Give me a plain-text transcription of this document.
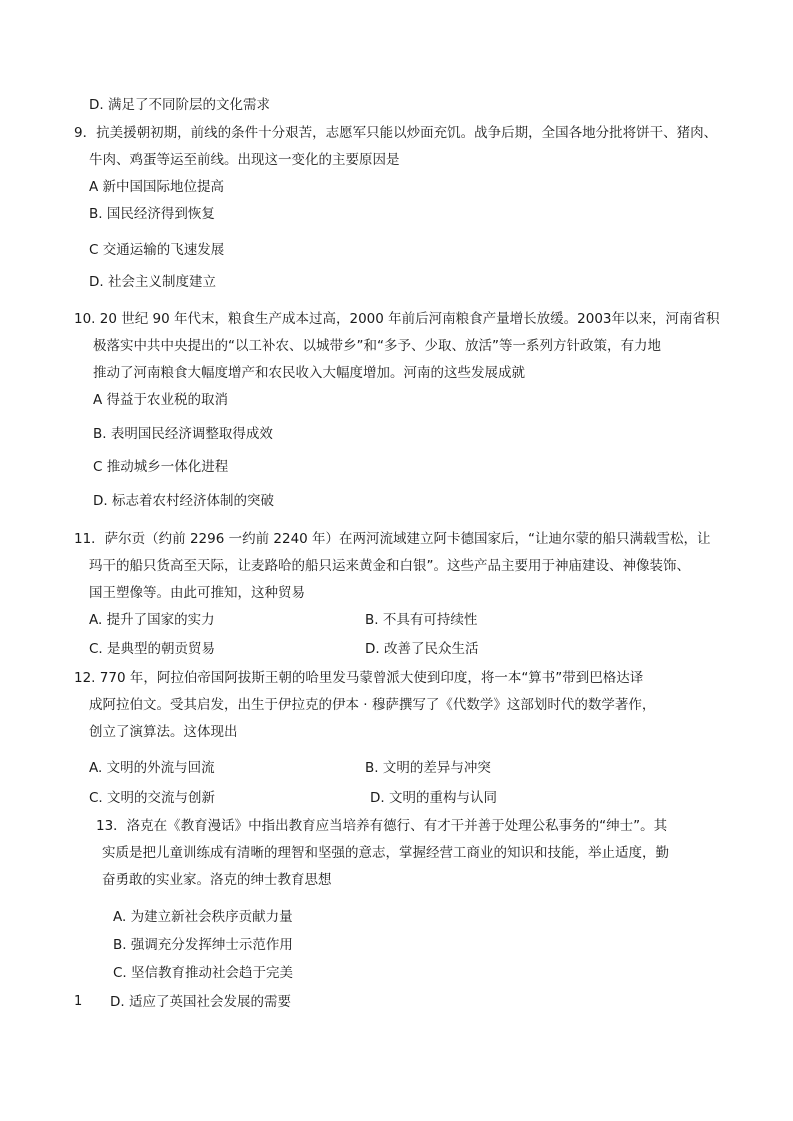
D. 满足了不同阶层的文化需求
9．抗美援朝初期，前线的条件十分艰苦，志愿军只能以炒面充饥。战争后期，全国各地分批将饼干、猪肉、
牛肉、鸡蛋等运至前线。出现这一变化的主要原因是
A 新中国国际地位提高
B. 国民经济得到恢复
C 交通运输的飞速发展
D. 社会主义制度建立
10. 20 世纪 90 年代末，粮食生产成本过高，2000 年前后河南粮食产量增长放缓。2003年以来，河南省积
极落实中共中央提出的“以工补农、以城带乡”和“多予、少取、放活”等一系列方针政策，有力地
推动了河南粮食大幅度增产和农民收入大幅度增加。河南的这些发展成就
A 得益于农业税的取消
B. 表明国民经济调整取得成效
C 推动城乡一体化进程
D. 标志着农村经济体制的突破
11．萨尔贡（约前 2296 一约前 2240 年）在两河流域建立阿卡德国家后，“让迪尔蒙的船只满载雪松，让
玛干的船只货高至天际，让麦路哈的船只运来黄金和白银”。这些产品主要用于神庙建设、神像装饰、
国王塑像等。由此可推知，这种贸易
A. 提升了国家的实力	B. 不具有可持续性
C. 是典型的朝贡贸易	D. 改善了民众生活
12. 770 年，阿拉伯帝国阿拔斯王朝的哈里发马蒙曾派大使到印度，将一本“算书”带到巴格达译
成阿拉伯文。受其启发，出生于伊拉克的伊本 · 穆萨撰写了《代数学》这部划时代的数学著作，
创立了演算法。这体现出
A. 文明的外流与回流	B. 文明的差异与冲突
C. 文明的交流与创新	D. 文明的重构与认同
13．洛克在《教育漫话》中指出教育应当培养有德行、有才干并善于处理公私事务的“绅士”。其
实质是把儿童训练成有清晰的理智和坚强的意志，掌握经营工商业的知识和技能，举止适度，勤
奋勇敢的实业家。洛克的绅士教育思想
A. 为建立新社会秩序贡献力量
B. 强调充分发挥绅士示范作用
C. 坚信教育推动社会趋于完美
D. 适应了英国社会发展的需要
1
